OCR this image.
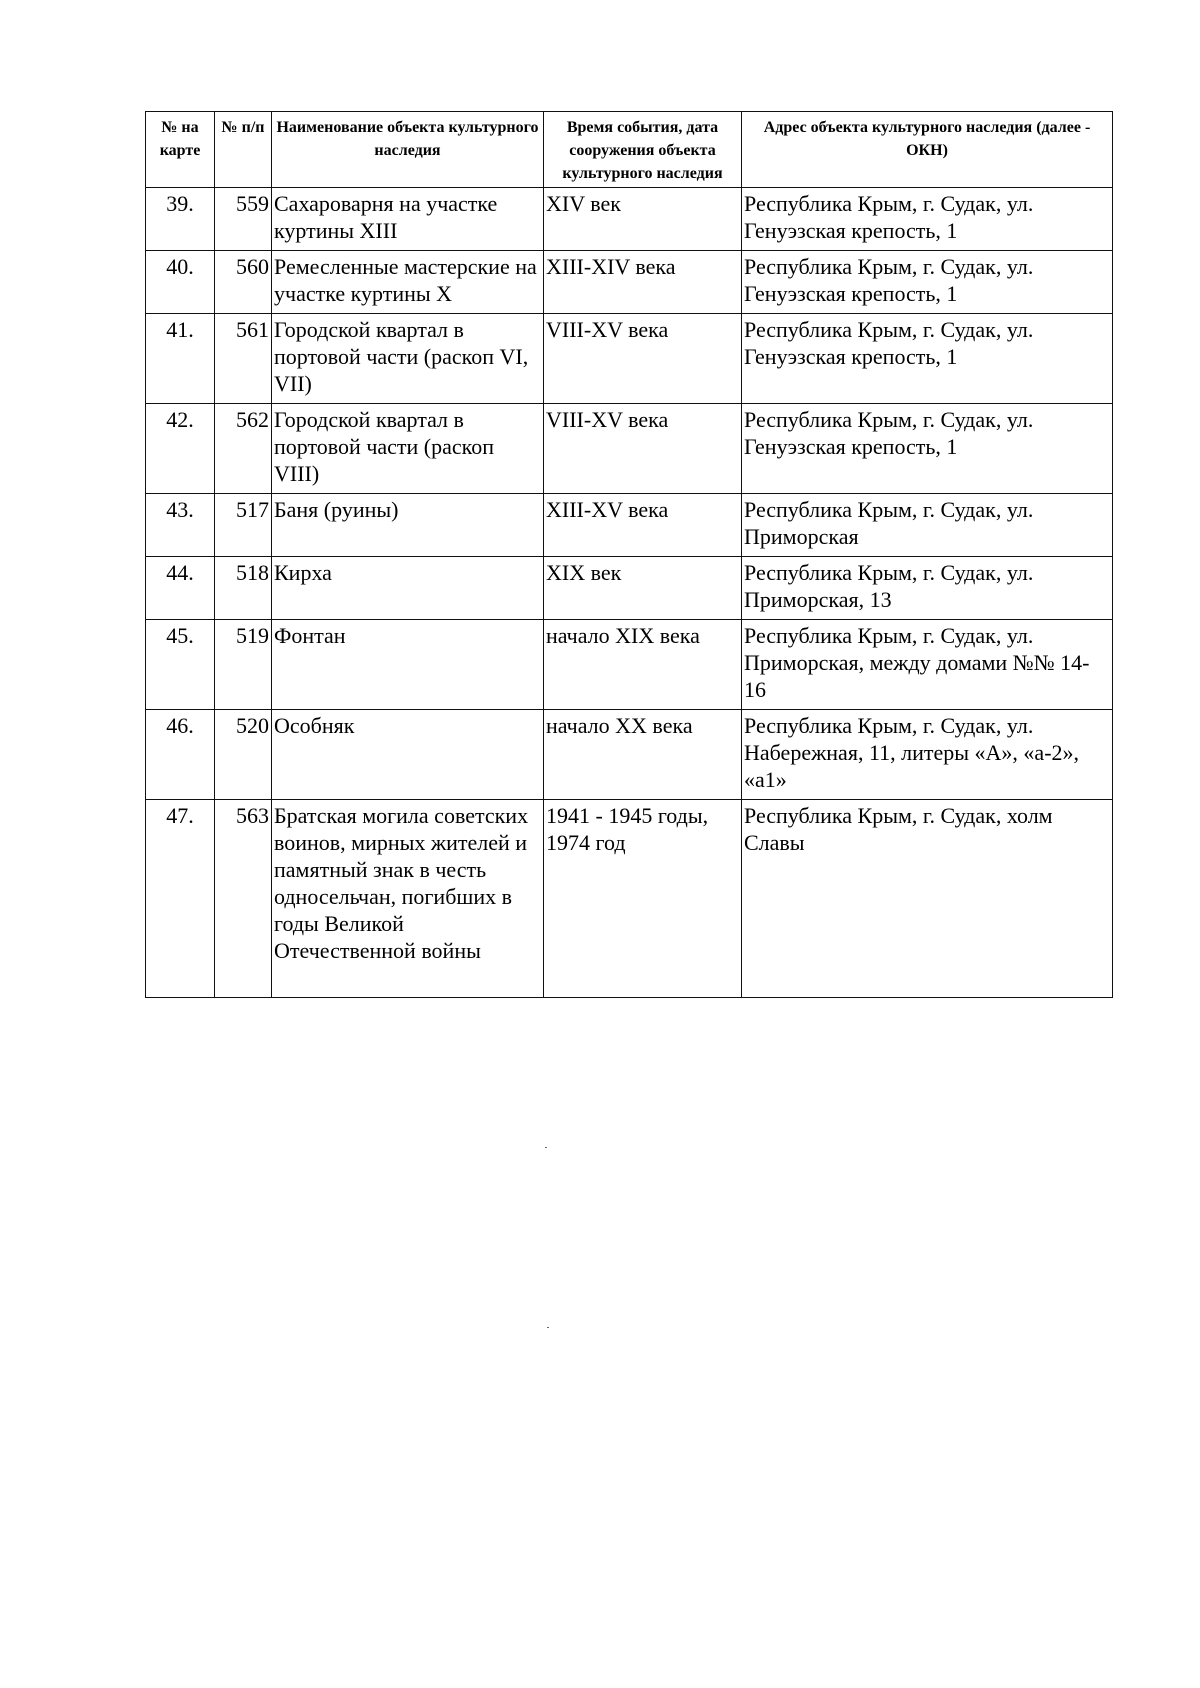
№ на карте	№ п/п	Наименование объекта культурного наследия	Время события, дата сооружения объекта культурного наследия	Адрес объекта культурного наследия (далее - ОКН)
39.	559	Сахароварня на участке куртины XIII	XIV век	Республика Крым, г. Судак, ул. Генуэзская крепость, 1
40.	560	Ремесленные мастерские на участке куртины X	XIII-XIV века	Республика Крым, г. Судак, ул. Генуэзская крепость, 1
41.	561	Городской квартал в портовой части (раскоп VI, VII)	VIII-XV века	Республика Крым, г. Судак, ул. Генуэзская крепость, 1
42.	562	Городской квартал в портовой части (раскоп VIII)	VIII-XV века	Республика Крым, г. Судак, ул. Генуэзская крепость, 1
43.	517	Баня (руины)	XIII-XV века	Республика Крым, г. Судак, ул. Приморская
44.	518	Кирха	XIX век	Республика Крым, г. Судак, ул. Приморская, 13
45.	519	Фонтан	начало XIX века	Республика Крым, г. Судак, ул. Приморская, между домами №№ 14-16
46.	520	Особняк	начало XX века	Республика Крым, г. Судак, ул. Набережная, 11, литеры «А», «а-2», «а1»
47.	563	Братская могила советских воинов, мирных жителей и памятный знак в честь односельчан, погибших в годы Великой Отечественной войны	1941 - 1945 годы, 1974 год	Республика Крым, г. Судак, холм Славы
